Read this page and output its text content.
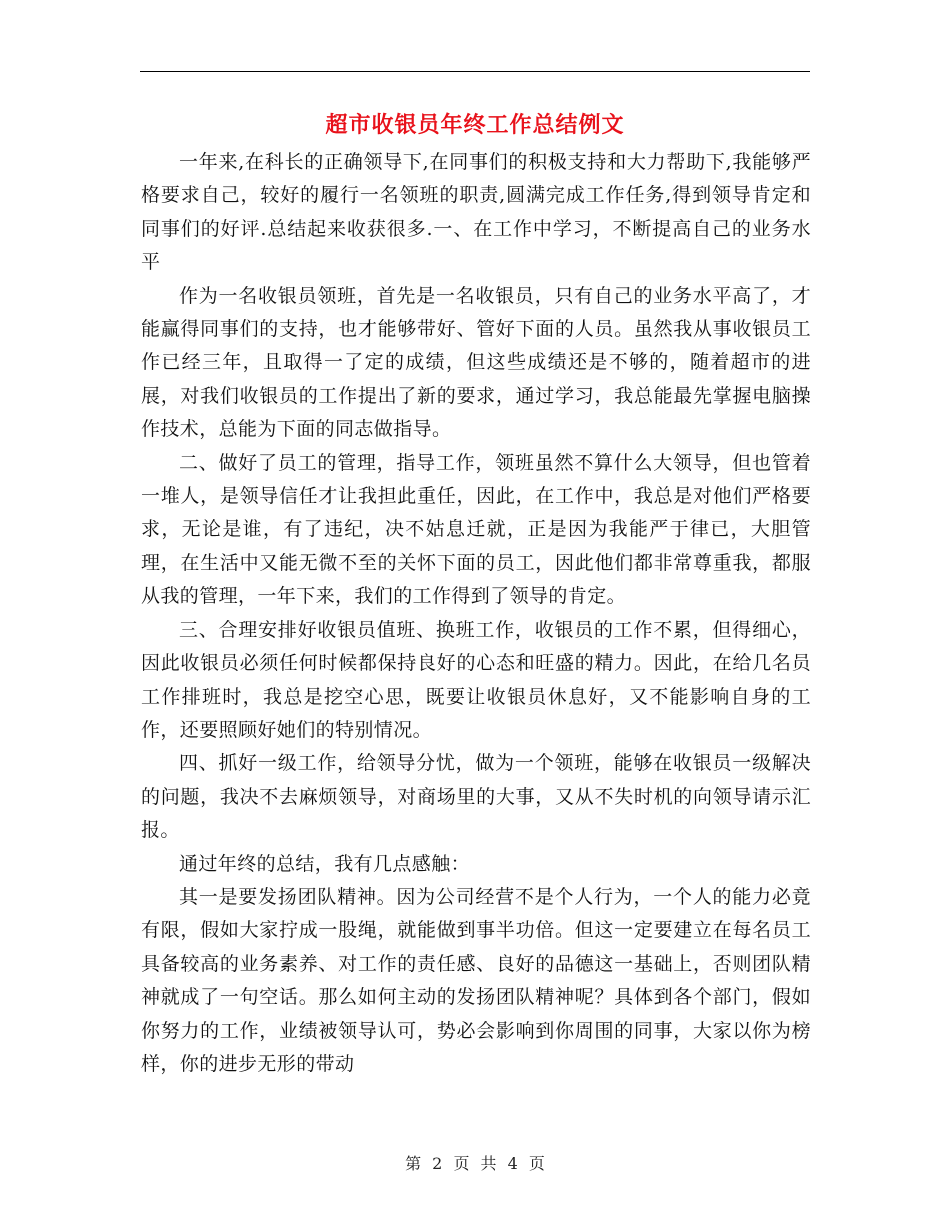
超市收银员年终工作总结例文

一年来,在科长的正确领导下,在同事们的积极支持和大力帮助下,我能够严格要求自己，较好的履行一名领班的职责,圆满完成工作任务,得到领导肯定和同事们的好评.总结起来收获很多.一、在工作中学习，不断提高自己的业务水平

作为一名收银员领班，首先是一名收银员，只有自己的业务水平高了，才能赢得同事们的支持，也才能够带好、管好下面的人员。虽然我从事收银员工作已经三年，且取得一了定的成绩，但这些成绩还是不够的，随着超市的进展，对我们收银员的工作提出了新的要求，通过学习，我总能最先掌握电脑操作技术，总能为下面的同志做指导。

二、做好了员工的管理，指导工作，领班虽然不算什么大领导，但也管着一堆人，是领导信任才让我担此重任，因此，在工作中，我总是对他们严格要求，无论是谁，有了违纪，决不姑息迁就，正是因为我能严于律已，大胆管理，在生活中又能无微不至的关怀下面的员工，因此他们都非常尊重我，都服从我的管理，一年下来，我们的工作得到了领导的肯定。

三、合理安排好收银员值班、换班工作，收银员的工作不累，但得细心，因此收银员必须任何时候都保持良好的心态和旺盛的精力。因此，在给几名员工作排班时，我总是挖空心思，既要让收银员休息好，又不能影响自身的工作，还要照顾好她们的特别情况。

四、抓好一级工作，给领导分忧，做为一个领班，能够在收银员一级解决的问题，我决不去麻烦领导，对商场里的大事，又从不失时机的向领导请示汇报。

通过年终的总结，我有几点感触：

其一是要发扬团队精神。因为公司经营不是个人行为，一个人的能力必竟有限，假如大家拧成一股绳，就能做到事半功倍。但这一定要建立在每名员工具备较高的业务素养、对工作的责任感、良好的品德这一基础上，否则团队精神就成了一句空话。那么如何主动的发扬团队精神呢？具体到各个部门，假如你努力的工作，业绩被领导认可，势必会影响到你周围的同事，大家以你为榜样，你的进步无形的带动

第 2 页 共 4 页
